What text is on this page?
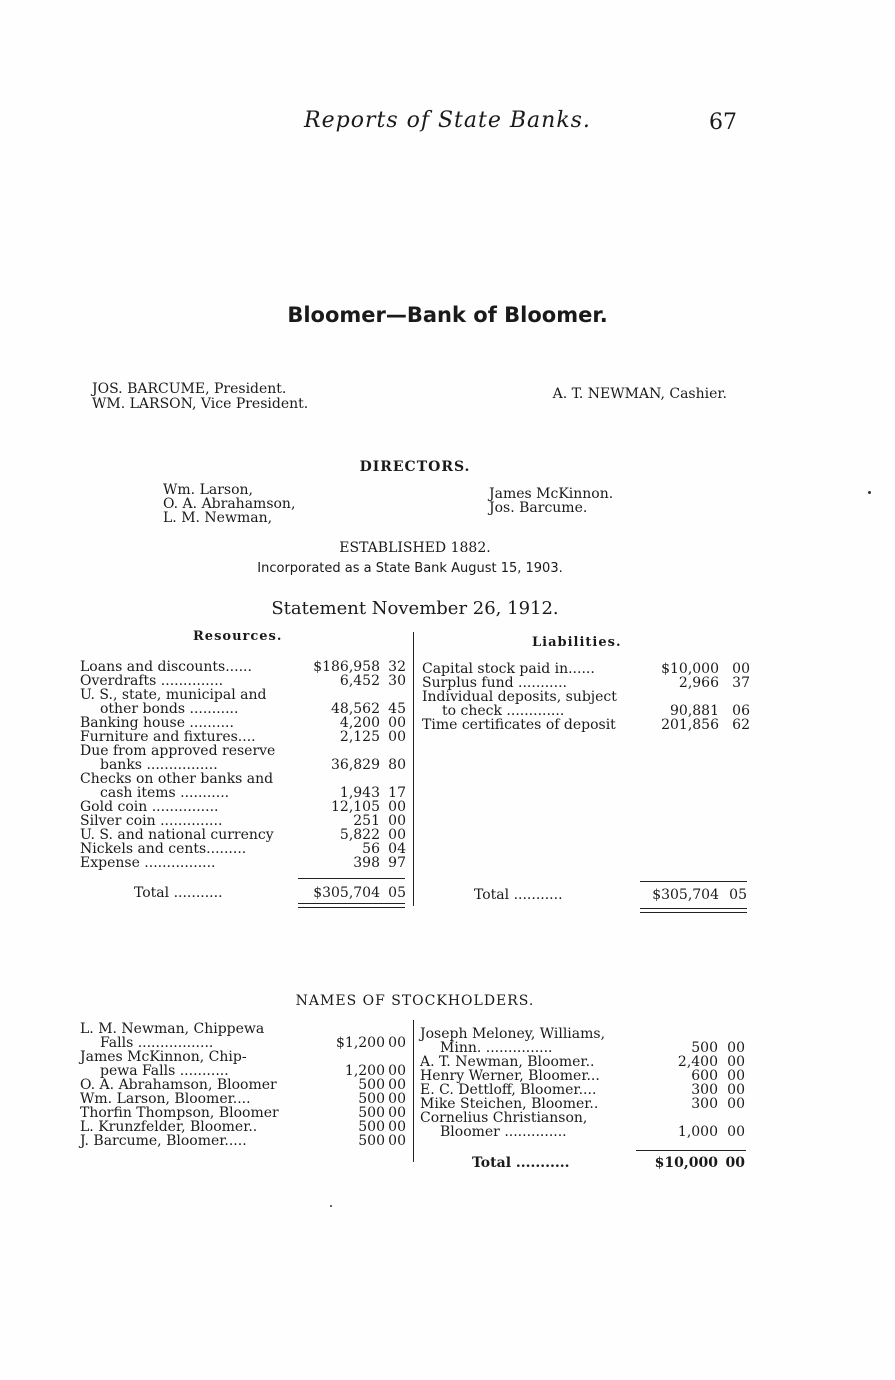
Reports of State Banks.	67
Bloomer—Bank of Bloomer.
JOS. BARCUME, President.
WM. LARSON, Vice President.
A. T. NEWMAN, Cashier.
DIRECTORS.
Wm. Larson,
O. A. Abrahamson,
L. M. Newman,
James McKinnon.
Jos. Barcume.
ESTABLISHED 1882.
Incorporated as a State Bank August 15, 1903.
Statement November 26, 1912.
Resources.	Liabilities.
Loans and discounts......	$186,958 32
Overdrafts ..............	6,452 30
U. S., state, municipal and
other bonds ...........	48,562 45
Banking house ..........	4,200 00
Furniture and fixtures....	2,125 00
Due from approved reserve
banks ................	36,829 80
Checks on other banks and
cash items ...........	1,943 17
Gold coin ...............	12,105 00
Silver coin ..............	251 00
U. S. and national currency	5,822 00
Nickels and cents.........	56 04
Expense ................	398 97
Total ...........	$305,704 05
Capital stock paid in......	$10,000 00
Surplus fund ...........	2,966 37
Individual deposits, subject
to check .............	90,881 06
Time certificates of deposit	201,856 62
Total ...........	$305,704 05
NAMES OF STOCKHOLDERS.
L. M. Newman, Chippewa
Falls .................	$1,200 00
James McKinnon, Chip-
pewa Falls ...........	1,200 00
O. A. Abrahamson, Bloomer	500 00
Wm. Larson, Bloomer....	500 00
Thorfin Thompson, Bloomer	500 00
L. Krunzfelder, Bloomer..	500 00
J. Barcume, Bloomer.....	500 00
Joseph Meloney, Williams,
Minn. ...............	500 00
A. T. Newman, Bloomer..	2,400 00
Henry Werner, Bloomer...	600 00
E. C. Dettloff, Bloomer....	300 00
Mike Steichen, Bloomer..	300 00
Cornelius Christianson,
Bloomer ..............	1,000 00
Total ...........	$10,000 00
